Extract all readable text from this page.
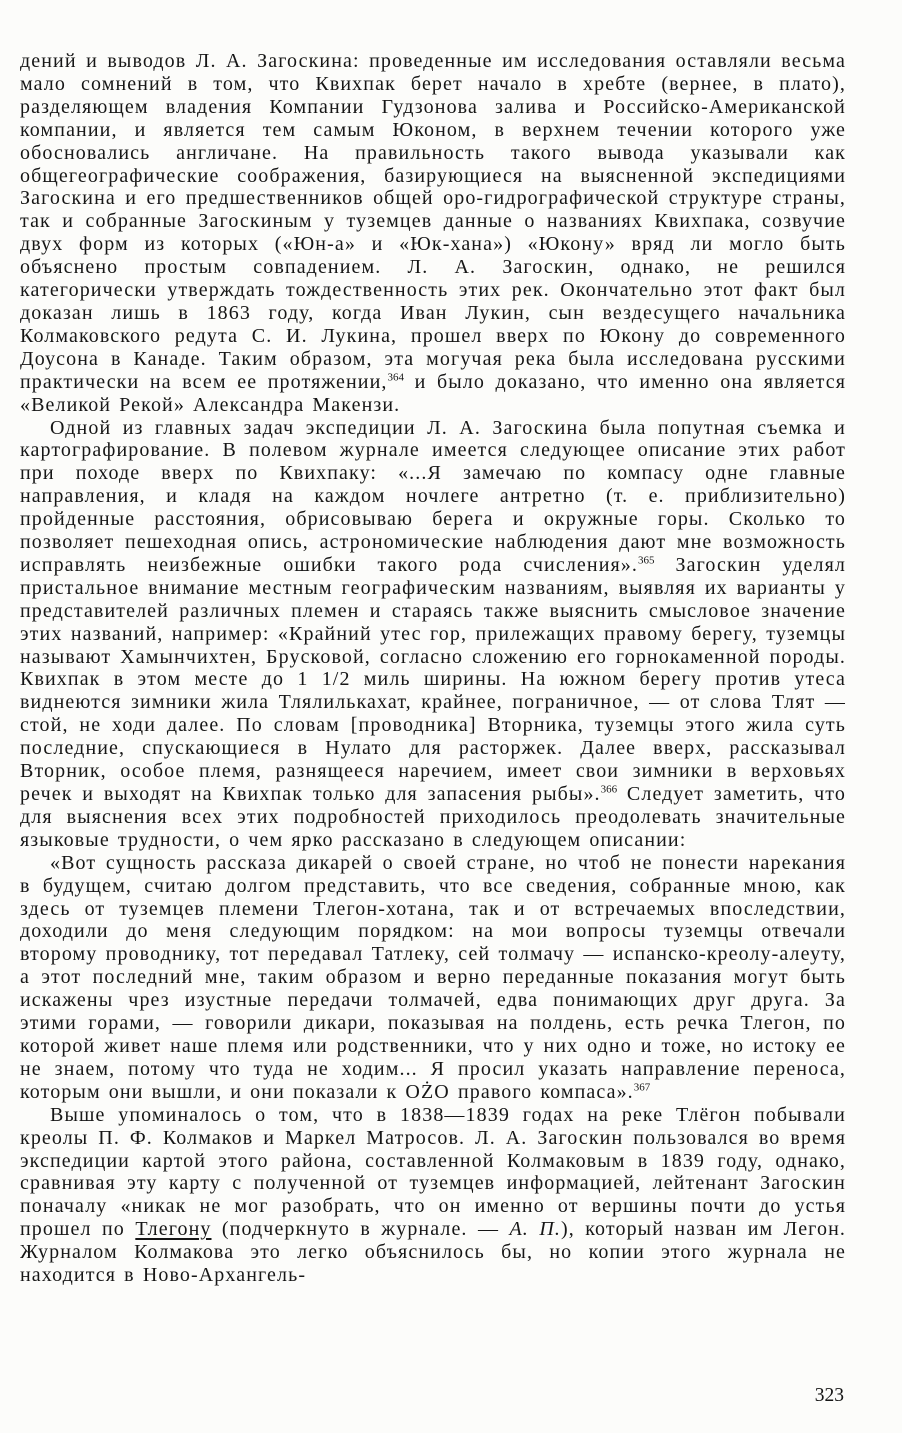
дений и выводов Л. А. Загоскина: проведенные им исследования оставляли весьма мало сомнений в том, что Квихпак берет начало в хребте (вернее, в плато), разделяющем владения Компании Гудзонова залива и Российско-Американской компании, и является тем самым Юконом, в верхнем течении которого уже обосновались англичане. На правильность такого вывода указывали как общегеографические соображения, базирующиеся на выясненной экспедициями Загоскина и его предшественников общей оро-гидрографической структуре страны, так и собранные Загоскиным у туземцев данные о названиях Квихпака, созвучие двух форм из которых («Юн-а» и «Юк-хана») «Юкону» вряд ли могло быть объяснено простым совпадением. Л. А. Загоскин, однако, не решился категорически утверждать тождественность этих рек. Окончательно этот факт был доказан лишь в 1863 году, когда Иван Лукин, сын вездесущего начальника Колмаковского редута С. И. Лукина, прошел вверх по Юкону до современного Доусона в Канаде. Таким образом, эта могучая река была исследована русскими практически на всем ее протяжении,$^{364}$ и было доказано, что именно она является «Великой Рекой» Александра Макензи.

Одной из главных задач экспедиции Л. А. Загоскина была попутная съемка и картографирование. В полевом журнале имеется следующее описание этих работ при походе вверх по Квихпаку: «...Я замечаю по компасу одне главные направления, и кладя на каждом ночлеге антретно (т. е. приблизительно) пройденные расстояния, обрисовываю берега и окружные горы. Сколько то позволяет пешеходная опись, астрономические наблюдения дают мне возможность исправлять неизбежные ошибки такого рода счисления».$^{365}$ Загоскин уделял пристальное внимание местным географическим названиям, выявляя их варианты у представителей различных племен и стараясь также выяснить смысловое значение этих названий, например: «Крайний утес гор, прилежащих правому берегу, туземцы называют Хамынчихтен, Брусковой, согласно сложению его горнокаменной породы. Квихпак в этом месте до 1 1/2 миль ширины. На южном берегу против утеса виднеются зимники жила Тлялилькахат, крайнее, пограничное, — от слова Тлят — стой, не ходи далее. По словам [проводника] Вторника, туземцы этого жила суть последние, спускающиеся в Нулато для расторжек. Далее вверх, рассказывал Вторник, особое племя, разнящееся наречием, имеет свои зимники в верховьях речек и выходят на Квихпак только для запасения рыбы».$^{366}$ Следует заметить, что для выяснения всех этих подробностей приходилось преодолевать значительные языковые трудности, о чем ярко рассказано в следующем описании:

«Вот сущность рассказа дикарей о своей стране, но чтоб не понести нарекания в будущем, считаю долгом представить, что все сведения, собранные мною, как здесь от туземцев племени Тлегон-хотана, так и от встречаемых впоследствии, доходили до меня следующим порядком: на мои вопросы туземцы отвечали второму проводнику, тот передавал Татлеку, сей толмачу — испанско-креолу-алеуту, а этот последний мне, таким образом и верно переданные показания могут быть искажены чрез изустные передачи толмачей, едва понимающих друг друга. За этими горами, — говорили дикари, показывая на полдень, есть речка Тлегон, по которой живет наше племя или родственники, что у них одно и тоже, но истоку ее не знаем, потому что туда не ходим... Я просил указать направление переноса, которым они вышли, и они показали к OŻO правого компаса».$^{367}$

Выше упоминалось о том, что в 1838—1839 годах на реке Тлёгон побывали креолы П. Ф. Колмаков и Маркел Матросов. Л. А. Загоскин пользовался во время экспедиции картой этого района, составленной Колмаковым в 1839 году, однако, сравнивая эту карту с полученной от туземцев информацией, лейтенант Загоскин поначалу «никак не мог разобрать, что он именно от вершины почти до устья прошел по Тлегону (подчеркнуто в журнале. — А. П.), который назван им Легон. Журналом Колмакова это легко объяснилось бы, но копии этого журнала не находится в Ново-Архангель-

323
